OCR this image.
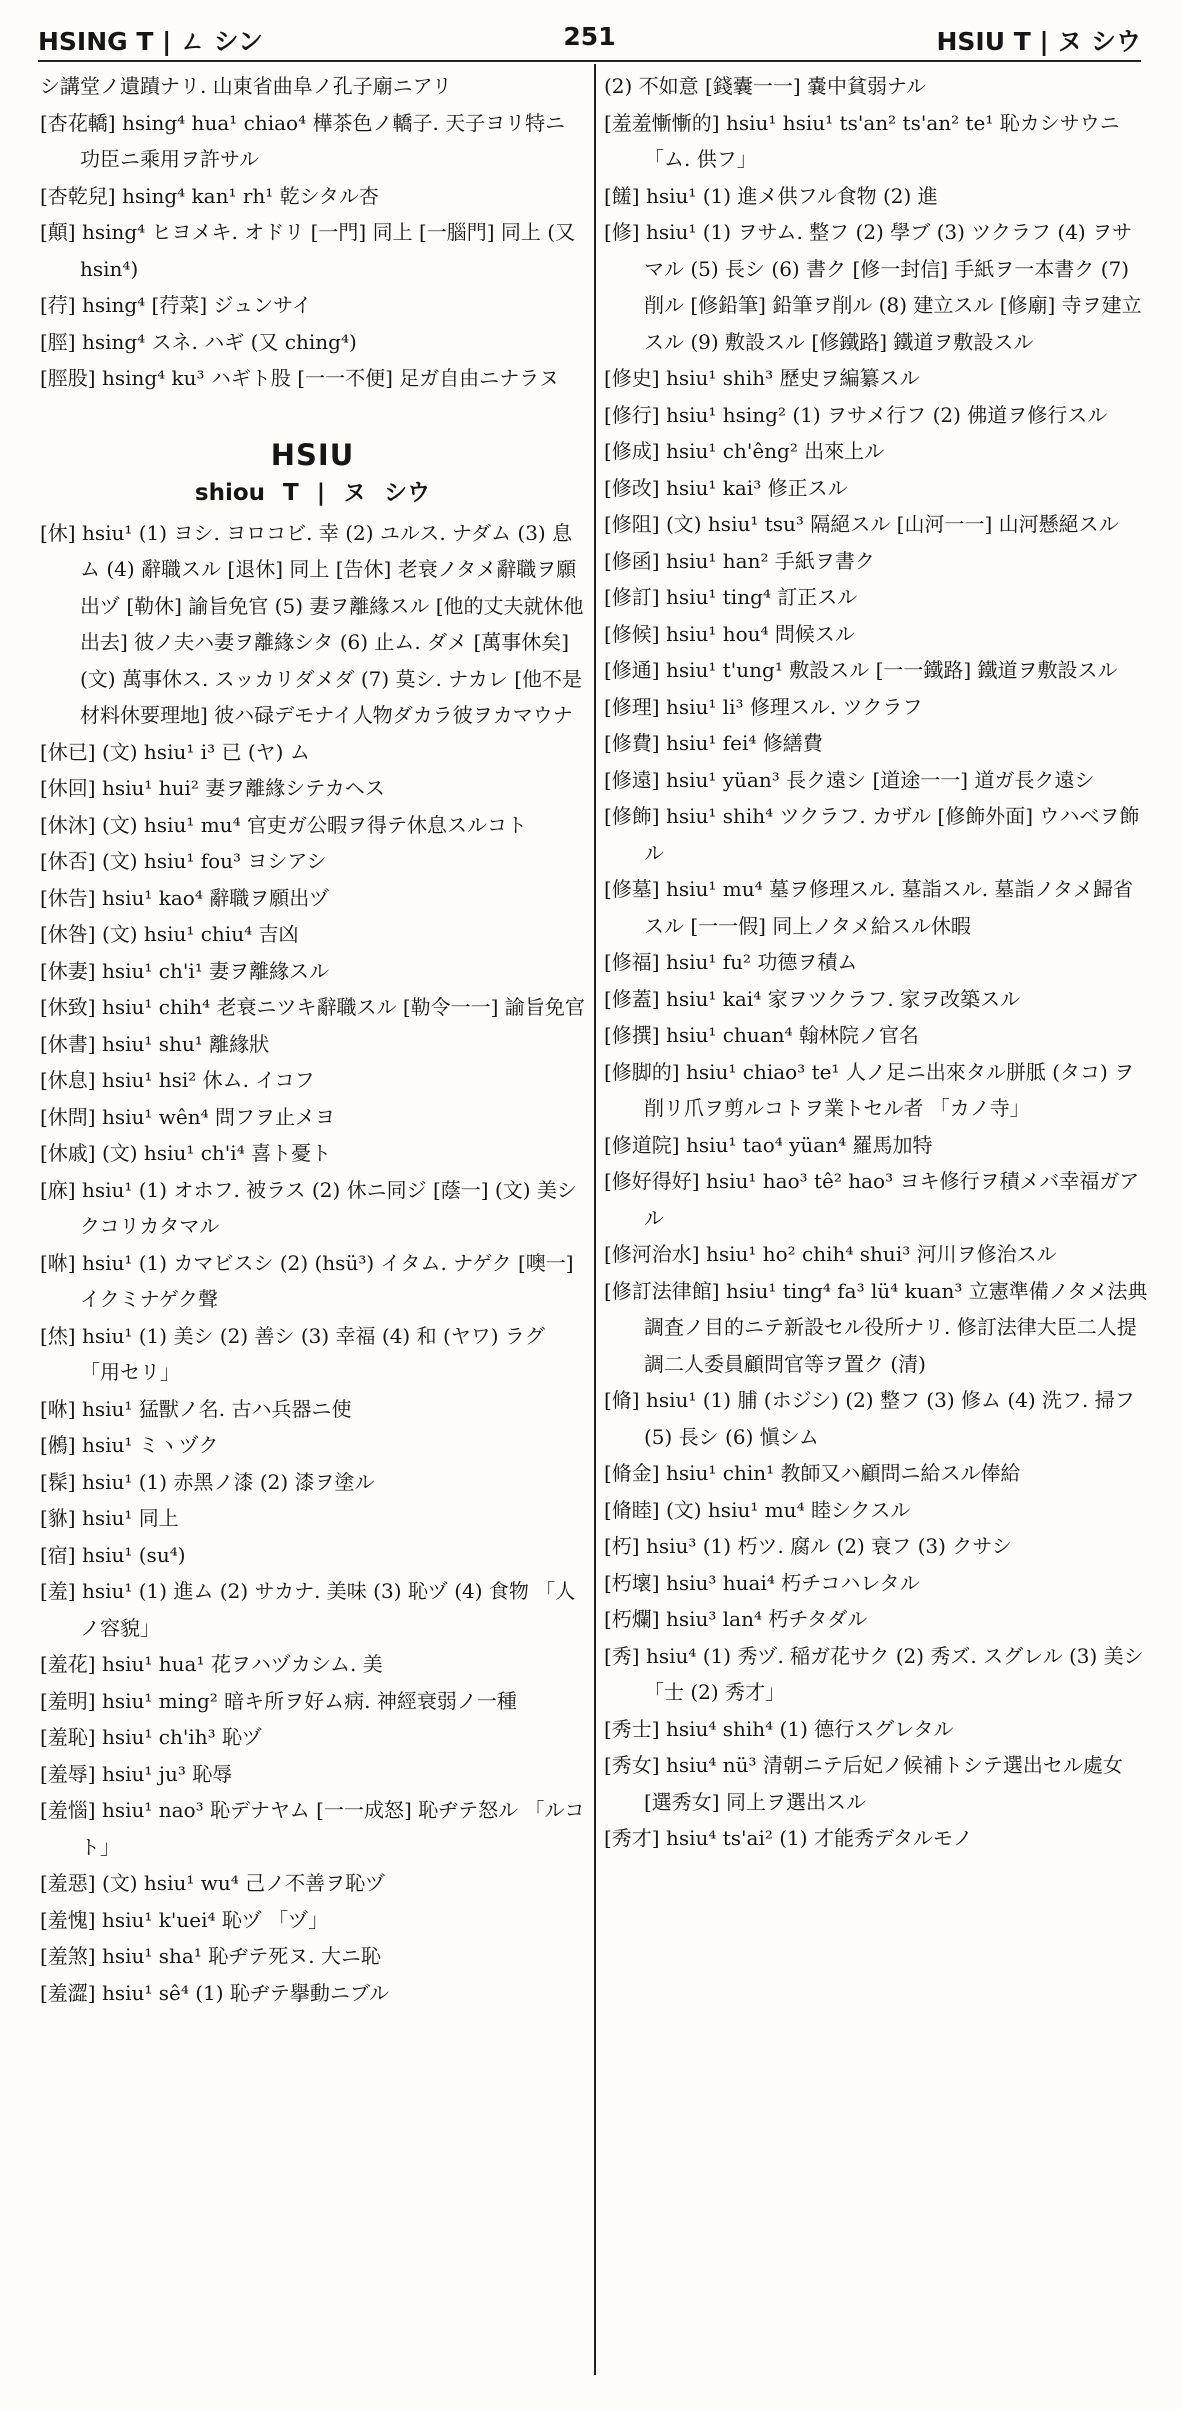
HSING T | ㄥ シン	251	HSIU T | ヌ シウ

シ講堂ノ遺蹟ナリ. 山東省曲阜ノ孔子廟ニアリ

[杏花轎] hsing⁴ hua¹ chiao⁴ 樺茶色ノ轎子. 天子ヨリ特ニ功臣ニ乘用ヲ許サル

[杏乾兒] hsing⁴ kan¹ rh¹ 乾シタル杏

[顛] hsing⁴ ヒヨメキ. オドリ [一門] 同上 [一腦門] 同上 (又 hsin⁴)

[荇] hsing⁴ [荇菜] ジュンサイ

[脛] hsing⁴ スネ. ハギ (又 ching⁴)

[脛股] hsing⁴ ku³ ハギト股 [一一不便] 足ガ自由ニナラヌ

HSIU
shiou T | ヌ シウ

[休] hsiu¹ (1) ヨシ. ヨロコビ. 幸 (2) ユルス. ナダム (3) 息ム (4) 辭職スル [退休] 同上 [告休] 老衰ノタメ辭職ヲ願出ヅ [勒休] 諭旨免官 (5) 妻ヲ離緣スル [他的丈夫就休他出去] 彼ノ夫ハ妻ヲ離緣シタ (6) 止ム. ダメ [萬事休矣] (文) 萬事休ス. スッカリダメダ (7) 莫シ. ナカレ [他不是材料休要理地] 彼ハ碌デモナイ人物ダカラ彼ヲカマウナ

[休已] (文) hsiu¹ i³ 已 (ヤ) ム

[休回] hsiu¹ hui² 妻ヲ離緣シテカヘス

[休沐] (文) hsiu¹ mu⁴ 官吏ガ公暇ヲ得テ休息スルコト

[休否] (文) hsiu¹ fou³ ヨシアシ

[休告] hsiu¹ kao⁴ 辭職ヲ願出ヅ

[休咎] (文) hsiu¹ chiu⁴ 吉凶

[休妻] hsiu¹ ch'i¹ 妻ヲ離緣スル

[休致] hsiu¹ chih⁴ 老衰ニツキ辭職スル [勒令一一] 諭旨免官

[休書] hsiu¹ shu¹ 離緣狀

[休息] hsiu¹ hsi² 休ム. イコフ

[休問] hsiu¹ wên⁴ 問フヲ止メヨ

[休戚] (文) hsiu¹ ch'i⁴ 喜ト憂ト

[庥] hsiu¹ (1) オホフ. 被ラス (2) 休ニ同ジ [蔭一] (文) 美シクコリカタマル

[咻] hsiu¹ (1) カマビスシ (2) (hsü³) イタム. ナゲク [噢一] イクミナゲク聲

[烋] hsiu¹ (1) 美シ (2) 善シ (3) 幸福 (4) 和 (ヤワ) ラグ 「用セリ」

[咻] hsiu¹ 猛獸ノ名. 古ハ兵器ニ使

[鵂] hsiu¹ ミヽヅク

[髹] hsiu¹ (1) 赤黑ノ漆 (2) 漆ヲ塗ル

[貅] hsiu¹ 同上

[宿] hsiu¹ (su⁴)

[羞] hsiu¹ (1) 進ム (2) サカナ. 美味 (3) 恥ヅ (4) 食物 「人ノ容貌」

[羞花] hsiu¹ hua¹ 花ヲハヅカシム. 美

[羞明] hsiu¹ ming² 暗キ所ヲ好ム病. 神經衰弱ノ一種

[羞恥] hsiu¹ ch'ih³ 恥ヅ

[羞辱] hsiu¹ ju³ 恥辱

[羞惱] hsiu¹ nao³ 恥デナヤム [一一成怒] 恥ヂテ怒ル 「ルコト」

[羞惡] (文) hsiu¹ wu⁴ 己ノ不善ヲ恥ヅ

[羞愧] hsiu¹ k'uei⁴ 恥ヅ 「ヅ」

[羞煞] hsiu¹ sha¹ 恥ヂテ死ヌ. 大ニ恥

[羞澀] hsiu¹ sê⁴ (1) 恥ヂテ擧動ニブル

(2) 不如意 [錢囊一一] 嚢中貧弱ナル

[羞羞慚慚的] hsiu¹ hsiu¹ ts'an² ts'an² te¹ 恥カシサウニ 「ム. 供フ」

[饈] hsiu¹ (1) 進メ供フル食物 (2) 進

[修] hsiu¹ (1) ヲサム. 整フ (2) 學ブ (3) ツクラフ (4) ヲサマル (5) 長シ (6) 書ク [修一封信] 手紙ヲ一本書ク (7) 削ル [修鉛筆] 鉛筆ヲ削ル (8) 建立スル [修廟] 寺ヲ建立スル (9) 敷設スル [修鐵路] 鐵道ヲ敷設スル

[修史] hsiu¹ shih³ 歷史ヲ編纂スル

[修行] hsiu¹ hsing² (1) ヲサメ行フ (2) 佛道ヲ修行スル

[修成] hsiu¹ ch'êng² 出來上ル

[修改] hsiu¹ kai³ 修正スル

[修阻] (文) hsiu¹ tsu³ 隔絕スル [山河一一] 山河懸絕スル

[修函] hsiu¹ han² 手紙ヲ書ク

[修訂] hsiu¹ ting⁴ 訂正スル

[修候] hsiu¹ hou⁴ 問候スル

[修通] hsiu¹ t'ung¹ 敷設スル [一一鐵路] 鐵道ヲ敷設スル

[修理] hsiu¹ li³ 修理スル. ツクラフ

[修費] hsiu¹ fei⁴ 修繕費

[修遠] hsiu¹ yüan³ 長ク遠シ [道途一一] 道ガ長ク遠シ

[修飾] hsiu¹ shih⁴ ツクラフ. カザル [修飾外面] ウハベヲ飾ル

[修墓] hsiu¹ mu⁴ 墓ヲ修理スル. 墓詣スル. 墓詣ノタメ歸省スル [一一假] 同上ノタメ給スル休暇

[修福] hsiu¹ fu² 功德ヲ積ム

[修蓋] hsiu¹ kai⁴ 家ヲツクラフ. 家ヲ改築スル

[修撰] hsiu¹ chuan⁴ 翰林院ノ官名

[修脚的] hsiu¹ chiao³ te¹ 人ノ足ニ出來タル胼胝 (タコ) ヲ削リ爪ヲ剪ルコトヲ業トセル者 「カノ寺」

[修道院] hsiu¹ tao⁴ yüan⁴ 羅馬加特

[修好得好] hsiu¹ hao³ tê² hao³ ヨキ修行ヲ積メバ幸福ガアル

[修河治水] hsiu¹ ho² chih⁴ shui³ 河川ヲ修治スル

[修訂法律館] hsiu¹ ting⁴ fa³ lü⁴ kuan³ 立憲準備ノタメ法典調査ノ目的ニテ新設セル役所ナリ. 修訂法律大臣二人提調二人委員顧問官等ヲ置ク (清)

[脩] hsiu¹ (1) 脯 (ホジシ) (2) 整フ (3) 修ム (4) 洗フ. 掃フ (5) 長シ (6) 愼シム

[脩金] hsiu¹ chin¹ 教師又ハ顧問ニ給スル俸給

[脩睦] (文) hsiu¹ mu⁴ 睦シクスル

[朽] hsiu³ (1) 朽ツ. 腐ル (2) 衰フ (3) クサシ

[朽壞] hsiu³ huai⁴ 朽チコハレタル

[朽爛] hsiu³ lan⁴ 朽チタダル

[秀] hsiu⁴ (1) 秀ヅ. 稲ガ花サク (2) 秀ズ. スグレル (3) 美シ 「士 (2) 秀才」

[秀士] hsiu⁴ shih⁴ (1) 德行スグレタル

[秀女] hsiu⁴ nü³ 清朝ニテ后妃ノ候補トシテ選出セル處女 [選秀女] 同上ヲ選出スル

[秀才] hsiu⁴ ts'ai² (1) 才能秀デタルモノ
